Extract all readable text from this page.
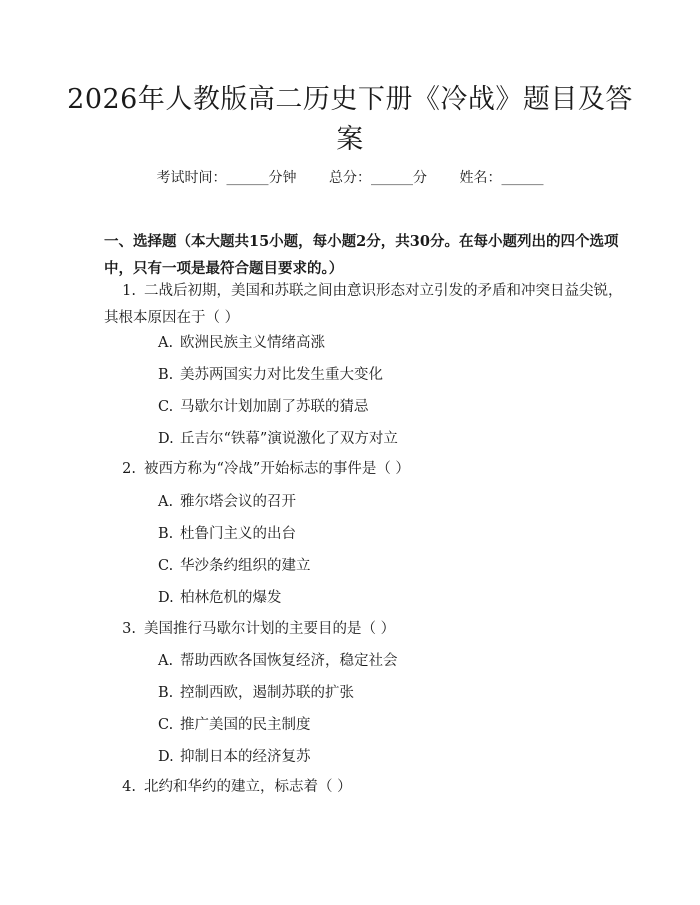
2026年人教版高二历史下册《冷战》题目及答案
考试时间：______分钟 总分：______分 姓名：______
一、选择题（本大题共15小题，每小题2分，共30分。在每小题列出的四个选项中，只有一项是最符合题目要求的。）
1. 二战后初期，美国和苏联之间由意识形态对立引发的矛盾和冲突日益尖锐，其根本原因在于（ ）
A. 欧洲民族主义情绪高涨
B. 美苏两国实力对比发生重大变化
C. 马歇尔计划加剧了苏联的猜忌
D. 丘吉尔“铁幕”演说激化了双方对立
2. 被西方称为“冷战”开始标志的事件是（ ）
A. 雅尔塔会议的召开
B. 杜鲁门主义的出台
C. 华沙条约组织的建立
D. 柏林危机的爆发
3. 美国推行马歇尔计划的主要目的是（ ）
A. 帮助西欧各国恢复经济，稳定社会
B. 控制西欧，遏制苏联的扩张
C. 推广美国的民主制度
D. 抑制日本的经济复苏
4. 北约和华约的建立，标志着（ ）
